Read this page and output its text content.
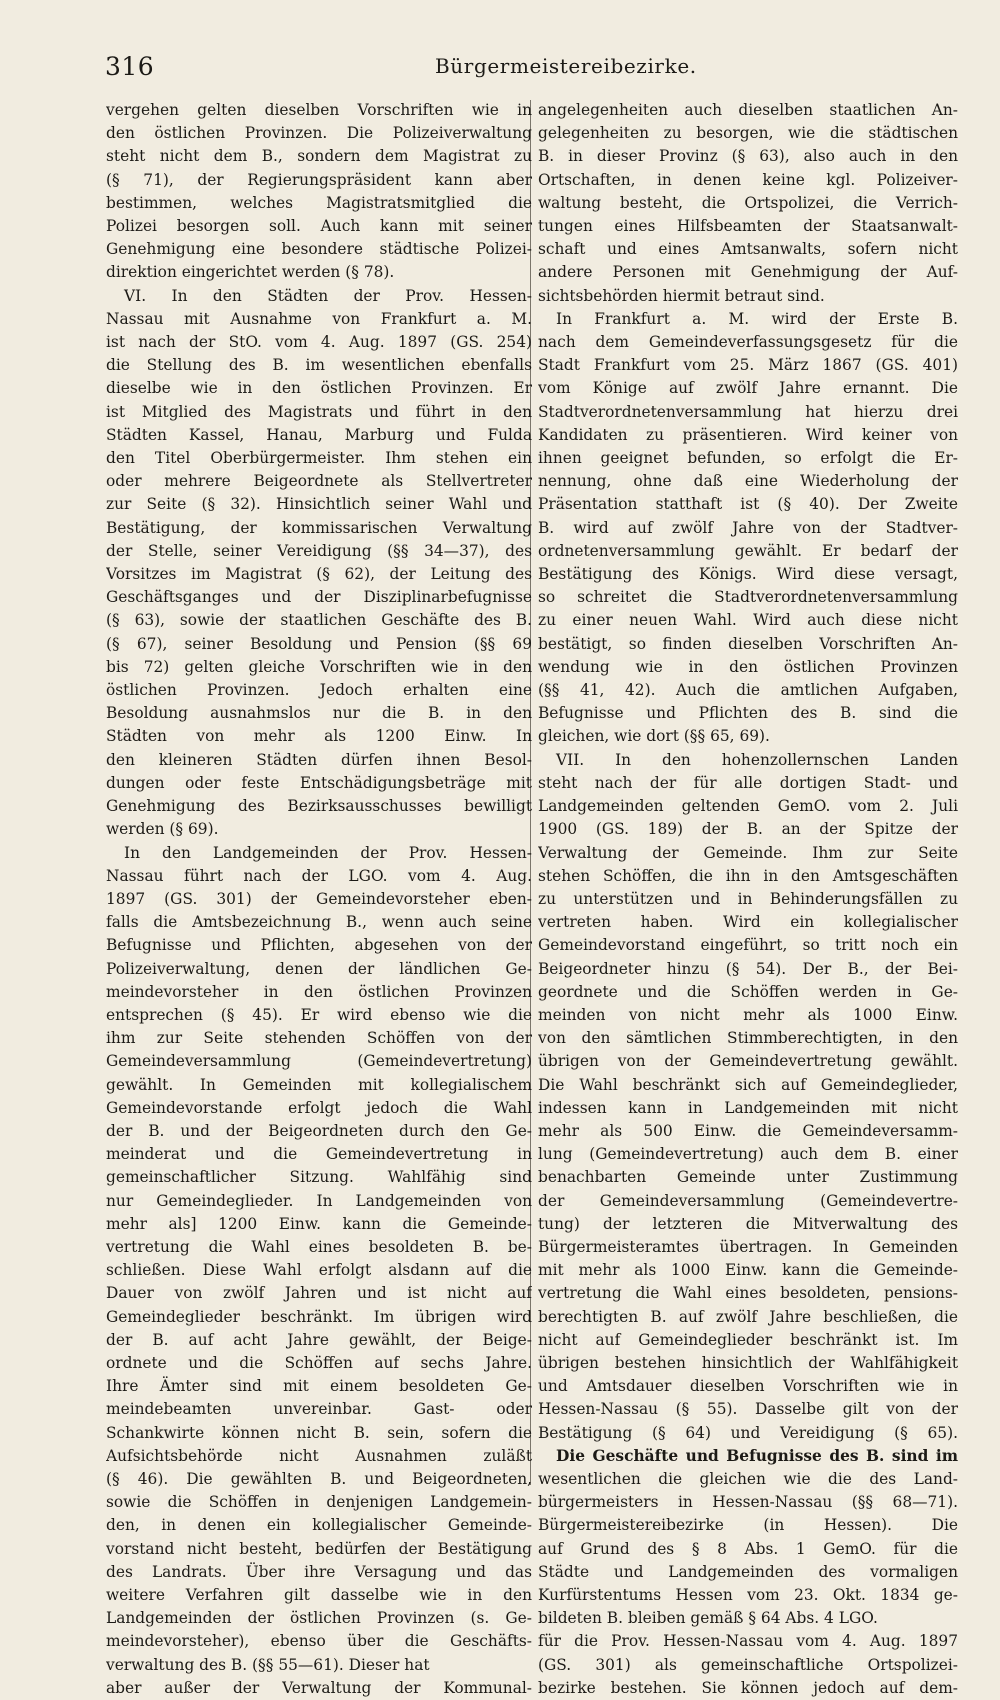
316	Bürgermeistereibezirke.
vergehen gelten dieselben Vorschriften wie in
den östlichen Provinzen. Die Polizeiverwaltung
steht nicht dem B., sondern dem Magistrat zu
(§ 71), der Regierungspräsident kann aber
bestimmen, welches Magistratsmitglied die
Polizei besorgen soll. Auch kann mit seiner
Genehmigung eine besondere städtische Polizei-
direktion eingerichtet werden (§ 78).
VI. In den Städten der Prov. Hessen-
Nassau mit Ausnahme von Frankfurt a. M.
ist nach der StO. vom 4. Aug. 1897 (GS. 254)
die Stellung des B. im wesentlichen ebenfalls
dieselbe wie in den östlichen Provinzen. Er
ist Mitglied des Magistrats und führt in den
Städten Kassel, Hanau, Marburg und Fulda
den Titel Oberbürgermeister. Ihm stehen ein
oder mehrere Beigeordnete als Stellvertreter
zur Seite (§ 32). Hinsichtlich seiner Wahl und
Bestätigung, der kommissarischen Verwaltung
der Stelle, seiner Vereidigung (§§ 34—37), des
Vorsitzes im Magistrat (§ 62), der Leitung des
Geschäftsganges und der Disziplinarbefugnisse
(§ 63), sowie der staatlichen Geschäfte des B.
(§ 67), seiner Besoldung und Pension (§§ 69
bis 72) gelten gleiche Vorschriften wie in den
östlichen Provinzen. Jedoch erhalten eine
Besoldung ausnahmslos nur die B. in den
Städten von mehr als 1200 Einw. In
den kleineren Städten dürfen ihnen Besol-
dungen oder feste Entschädigungsbeträge mit
Genehmigung des Bezirksausschusses bewilligt
werden (§ 69).
In den Landgemeinden der Prov. Hessen-
Nassau führt nach der LGO. vom 4. Aug.
1897 (GS. 301) der Gemeindevorsteher eben-
falls die Amtsbezeichnung B., wenn auch seine
Befugnisse und Pflichten, abgesehen von der
Polizeiverwaltung, denen der ländlichen Ge-
meindevorsteher in den östlichen Provinzen
entsprechen (§ 45). Er wird ebenso wie die
ihm zur Seite stehenden Schöffen von der
Gemeindeversammlung (Gemeindevertretung)
gewählt. In Gemeinden mit kollegialischem
Gemeindevorstande erfolgt jedoch die Wahl
der B. und der Beigeordneten durch den Ge-
meinderat und die Gemeindevertretung in
gemeinschaftlicher Sitzung. Wahlfähig sind
nur Gemeindeglieder. In Landgemeinden von
mehr als] 1200 Einw. kann die Gemeinde-
vertretung die Wahl eines besoldeten B. be-
schließen. Diese Wahl erfolgt alsdann auf die
Dauer von zwölf Jahren und ist nicht auf
Gemeindeglieder beschränkt. Im übrigen wird
der B. auf acht Jahre gewählt, der Beige-
ordnete und die Schöffen auf sechs Jahre.
Ihre Ämter sind mit einem besoldeten Ge-
meindebeamten unvereinbar. Gast- oder
Schankwirte können nicht B. sein, sofern die
Aufsichtsbehörde nicht Ausnahmen zuläßt
(§ 46). Die gewählten B. und Beigeordneten,
sowie die Schöffen in denjenigen Landgemein-
den, in denen ein kollegialischer Gemeinde-
vorstand nicht besteht, bedürfen der Bestätigung
des Landrats. Über ihre Versagung und das
weitere Verfahren gilt dasselbe wie in den
Landgemeinden der östlichen Provinzen (s. Ge-
meindevorsteher), ebenso über die Geschäfts-
verwaltung des B. (§§ 55—61). Dieser hat
aber außer der Verwaltung der Kommunal-
angelegenheiten auch dieselben staatlichen An-
gelegenheiten zu besorgen, wie die städtischen
B. in dieser Provinz (§ 63), also auch in den
Ortschaften, in denen keine kgl. Polizeiver-
waltung besteht, die Ortspolizei, die Verrich-
tungen eines Hilfsbeamten der Staatsanwalt-
schaft und eines Amtsanwalts, sofern nicht
andere Personen mit Genehmigung der Auf-
sichtsbehörden hiermit betraut sind.
In Frankfurt a. M. wird der Erste B.
nach dem Gemeindeverfassungsgesetz für die
Stadt Frankfurt vom 25. März 1867 (GS. 401)
vom Könige auf zwölf Jahre ernannt. Die
Stadtverordnetenversammlung hat hierzu drei
Kandidaten zu präsentieren. Wird keiner von
ihnen geeignet befunden, so erfolgt die Er-
nennung, ohne daß eine Wiederholung der
Präsentation statthaft ist (§ 40). Der Zweite
B. wird auf zwölf Jahre von der Stadtver-
ordnetenversammlung gewählt. Er bedarf der
Bestätigung des Königs. Wird diese versagt,
so schreitet die Stadtverordnetenversammlung
zu einer neuen Wahl. Wird auch diese nicht
bestätigt, so finden dieselben Vorschriften An-
wendung wie in den östlichen Provinzen
(§§ 41, 42). Auch die amtlichen Aufgaben,
Befugnisse und Pflichten des B. sind die
gleichen, wie dort (§§ 65, 69).
VII. In den hohenzollernschen Landen
steht nach der für alle dortigen Stadt- und
Landgemeinden geltenden GemO. vom 2. Juli
1900 (GS. 189) der B. an der Spitze der
Verwaltung der Gemeinde. Ihm zur Seite
stehen Schöffen, die ihn in den Amtsgeschäften
zu unterstützen und in Behinderungsfällen zu
vertreten haben. Wird ein kollegialischer
Gemeindevorstand eingeführt, so tritt noch ein
Beigeordneter hinzu (§ 54). Der B., der Bei-
geordnete und die Schöffen werden in Ge-
meinden von nicht mehr als 1000 Einw.
von den sämtlichen Stimmberechtigten, in den
übrigen von der Gemeindevertretung gewählt.
Die Wahl beschränkt sich auf Gemeindeglieder,
indessen kann in Landgemeinden mit nicht
mehr als 500 Einw. die Gemeindeversamm-
lung (Gemeindevertretung) auch dem B. einer
benachbarten Gemeinde unter Zustimmung
der Gemeindeversammlung (Gemeindevertre-
tung) der letzteren die Mitverwaltung des
Bürgermeisteramtes übertragen. In Gemeinden
mit mehr als 1000 Einw. kann die Gemeinde-
vertretung die Wahl eines besoldeten, pensions-
berechtigten B. auf zwölf Jahre beschließen, die
nicht auf Gemeindeglieder beschränkt ist. Im
übrigen bestehen hinsichtlich der Wahlfähigkeit
und Amtsdauer dieselben Vorschriften wie in
Hessen-Nassau (§ 55). Dasselbe gilt von der
Bestätigung (§ 64) und Vereidigung (§ 65).
Die Geschäfte und Befugnisse des B. sind im
wesentlichen die gleichen wie die des Land-
bürgermeisters in Hessen-Nassau (§§ 68—71).
Bürgermeistereibezirke (in Hessen). Die
auf Grund des § 8 Abs. 1 GemO. für die
Städte und Landgemeinden des vormaligen
Kurfürstentums Hessen vom 23. Okt. 1834 ge-
bildeten B. bleiben gemäß § 64 Abs. 4 LGO.
für die Prov. Hessen-Nassau vom 4. Aug. 1897
(GS. 301) als gemeinschaftliche Ortspolizei-
bezirke bestehen. Sie können jedoch auf dem-
